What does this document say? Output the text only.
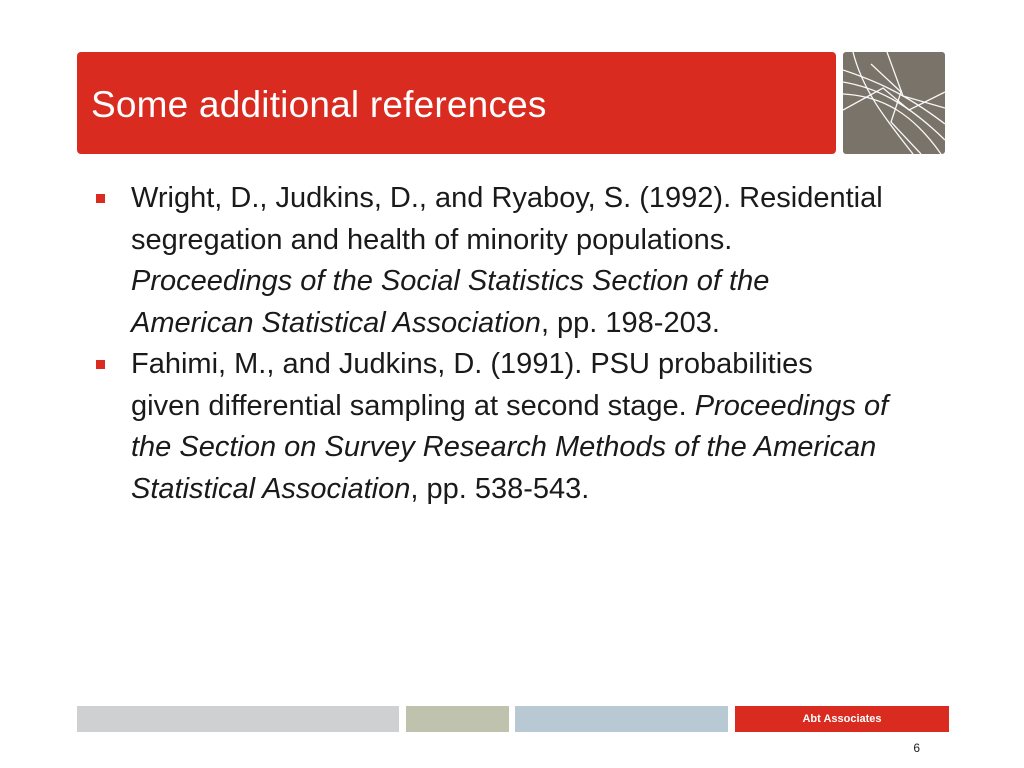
Some additional references
Wright, D., Judkins, D., and Ryaboy, S. (1992). Residential segregation and health of minority populations. Proceedings of the Social Statistics Section of the American Statistical Association, pp. 198-203.
Fahimi, M., and Judkins, D. (1991). PSU probabilities given differential sampling at second stage. Proceedings of the Section on Survey Research Methods of the American Statistical Association, pp. 538-543.
Abt Associates
6
